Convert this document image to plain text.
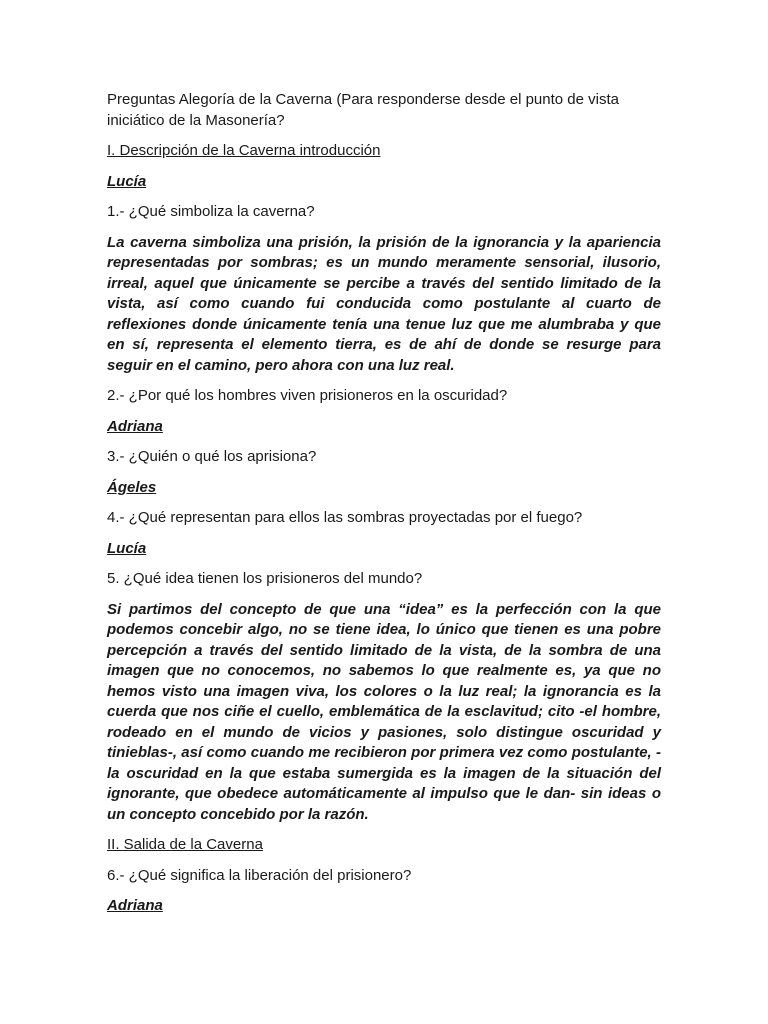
Preguntas Alegoría de la Caverna (Para responderse desde el punto de vista iniciático de la Masonería?

I. Descripción de la Caverna introducción

Lucía

1.- ¿Qué simboliza la caverna?

La caverna simboliza una prisión, la prisión de la ignorancia y la apariencia representadas por sombras; es un mundo meramente sensorial, ilusorio, irreal, aquel que únicamente se percibe a través del sentido limitado de la vista, así como cuando fui conducida como postulante al cuarto de reflexiones donde únicamente tenía una tenue luz que me alumbraba y que en sí, representa el elemento tierra, es de ahí de donde se resurge para seguir en el camino, pero ahora con una luz real.

2.- ¿Por qué los hombres viven prisioneros en la oscuridad?

Adriana

3.- ¿Quién o qué los aprisiona?

Ágeles

4.- ¿Qué representan para ellos las sombras proyectadas por el fuego?

Lucía

5. ¿Qué idea tienen los prisioneros del mundo?

Si partimos del concepto de que una “idea” es la perfección con la que podemos concebir algo, no se tiene idea, lo único que tienen es una pobre percepción a través del sentido limitado de la vista, de la sombra de una imagen que no conocemos, no sabemos lo que realmente es, ya que no hemos visto una imagen viva, los colores o la luz real; la ignorancia es la cuerda que nos ciñe el cuello, emblemática de la esclavitud; cito -el hombre, rodeado en el mundo de vicios y pasiones, solo distingue oscuridad y tinieblas-, así como cuando me recibieron por primera vez como postulante, -la oscuridad en la que estaba sumergida es la imagen de la situación del ignorante, que obedece automáticamente al impulso que le dan- sin ideas o un concepto concebido por la razón.

II. Salida de la Caverna

6.- ¿Qué significa la liberación del prisionero?

Adriana
